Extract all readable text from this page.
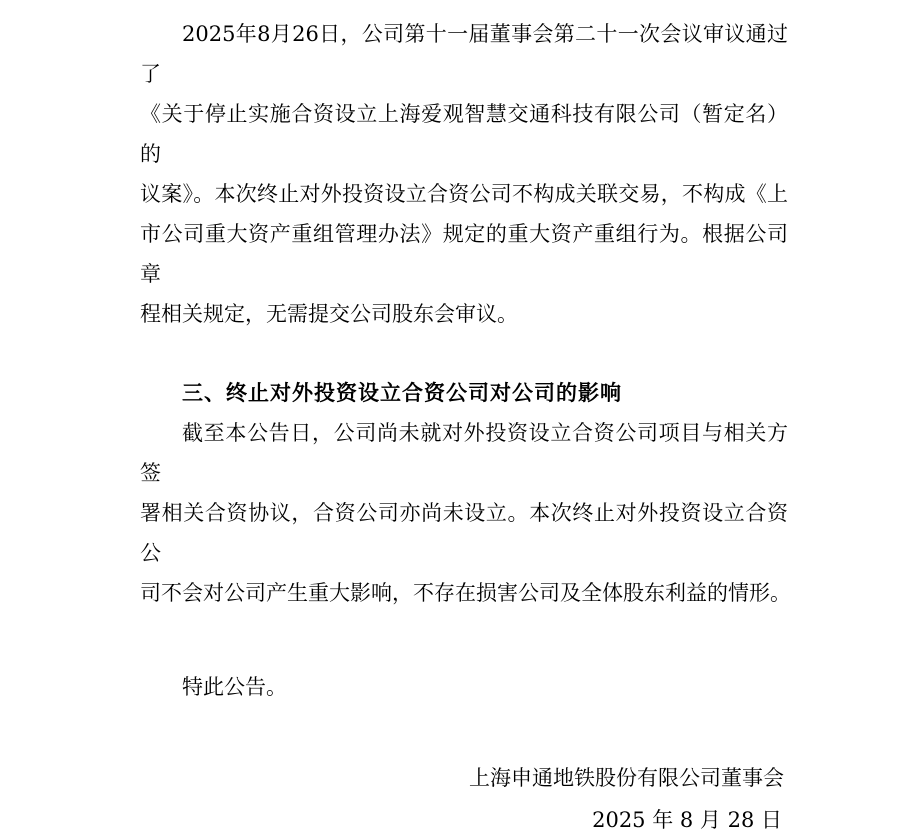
2025年8月26日，公司第十一届董事会第二十一次会议审议通过了
《关于停止实施合资设立上海爱观智慧交通科技有限公司（暂定名）的
议案》。本次终止对外投资设立合资公司不构成关联交易，不构成《上
市公司重大资产重组管理办法》规定的重大资产重组行为。根据公司章
程相关规定，无需提交公司股东会审议。
三、终止对外投资设立合资公司对公司的影响
截至本公告日，公司尚未就对外投资设立合资公司项目与相关方签
署相关合资协议，合资公司亦尚未设立。本次终止对外投资设立合资公
司不会对公司产生重大影响，不存在损害公司及全体股东利益的情形。
特此公告。
上海申通地铁股份有限公司董事会
2025 年 8 月 28 日
